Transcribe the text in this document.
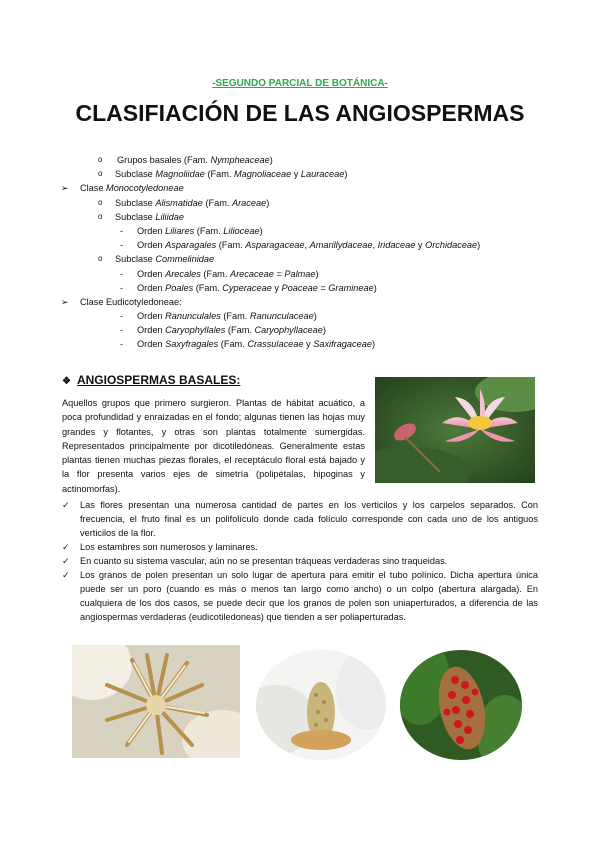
-SEGUNDO PARCIAL DE BOTÁNICA-
CLASIFIACIÓN DE LAS ANGIOSPERMAS
o Grupos basales (Fam. Nympheaceae)
o Subclase Magnoliidae (Fam. Magnoliaceae y Lauraceae)
➢ Clase Monocotyledoneae
o Subclase Alismatidae (Fam. Araceae)
o Subclase Liliidae
- Orden Liliares (Fam. Lilioceae)
- Orden Asparagales (Fam. Asparagaceae, Amarillydaceae, Iridaceae y Orchidaceae)
o Subclase Commelinidae
- Orden Arecales (Fam. Arecaceae = Palmae)
- Orden Poales (Fam. Cyperaceae y Poaceae = Gramineae)
➢ Clase Eudicotyledoneae:
- Orden Ranunculales (Fam. Ranunculaceae)
- Orden Caryophyllales (Fam. Caryophyllaceae)
- Orden Saxyfragales (Fam. Crassulaceae y Saxifragaceae)
❖ ANGIOSPERMAS BASALES:
Aquellos grupos que primero surgieron. Plantas de hábitat acuático, a poca profundidad y enraizadas en el fondo; algunas tienen las hojas muy grandes y flotantes, y otras son plantas totalmente sumergidas. Representados principalmente por dicotiledóneas. Generalmente estas plantas tienen muchas piezas florales, el receptáculo floral está bajado y la flor presenta varios ejes de simetría (polipétalas, hipoginas y actinomorfas).
✓ Las flores presentan una numerosa cantidad de partes en los verticilos y los carpelos separados. Con frecuencia, el fruto final es un polifolículo donde cada folículo corresponde con cada uno de los antiguos verticilos de la flor.
✓ Los estambres son numerosos y laminares.
✓ En cuanto su sistema vascular, aún no se presentan tráqueas verdaderas sino traqueidas.
✓ Los granos de polen presentan un solo lugar de apertura para emitir el tubo polínico. Dicha apertura única puede ser un poro (cuando es más o menos tan largo como ancho) o un colpo (abertura alargada). En cualquiera de los dos casos, se puede decir que los granos de polen son uniaperturados, a diferencia de las angiospermas verdaderas (eudicotiledoneas) que tienden a ser poliaperturadas.
